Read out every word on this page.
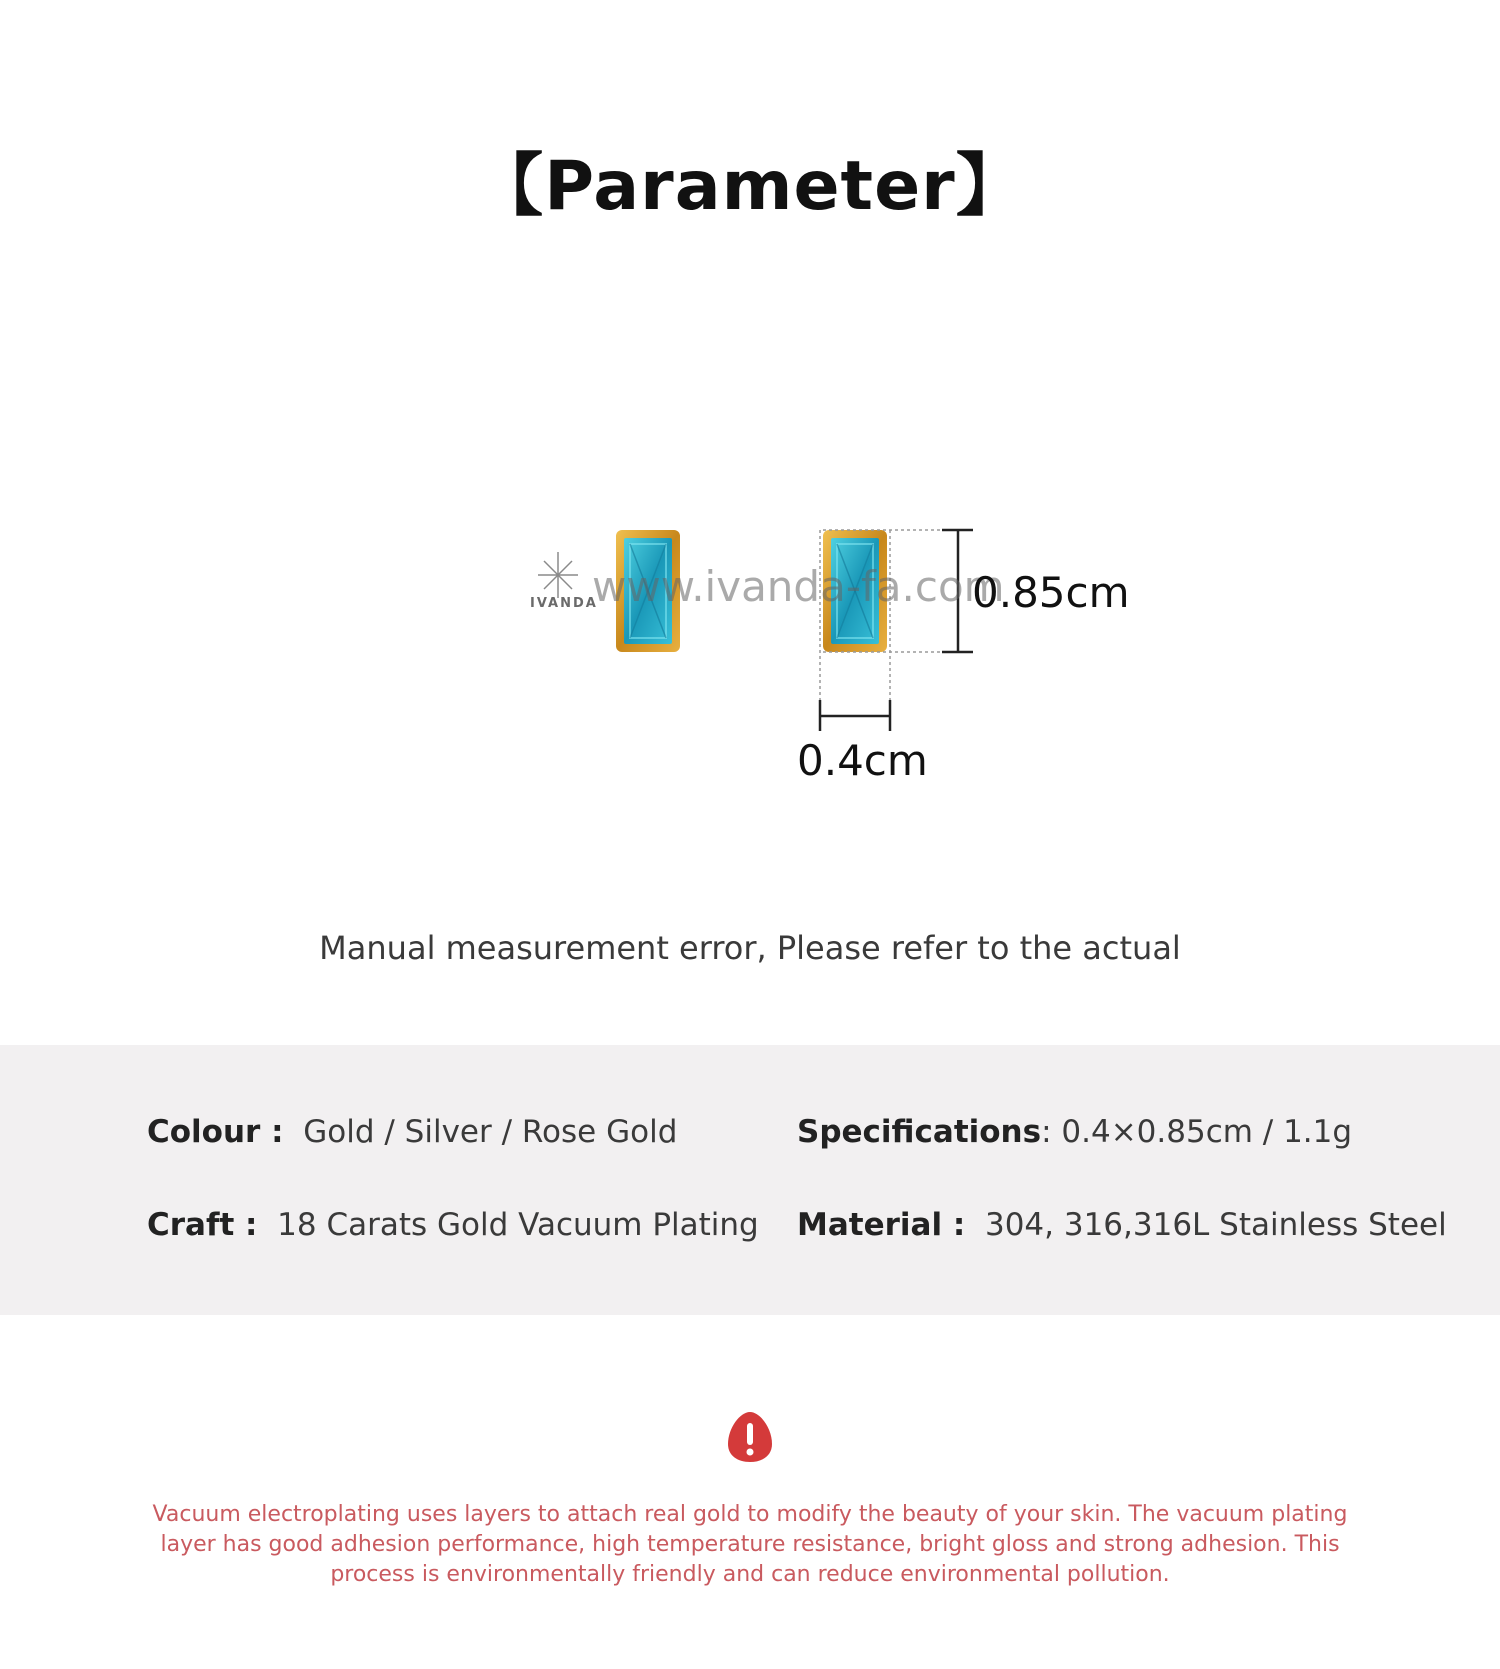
【Parameter】
IVANDA
www.ivanda-fa.com
0.85cm
0.4cm
Manual measurement error, Please refer to the actual
Colour : Gold / Silver / Rose Gold	Specifications: 0.4×0.85cm / 1.1g
Craft : 18 Carats Gold Vacuum Plating Material : 304, 316,316L Stainless Steel
Vacuum electroplating uses layers to attach real gold to modify the beauty of your skin. The vacuum plating layer has good adhesion performance, high temperature resistance, bright gloss and strong adhesion. This process is environmentally friendly and can reduce environmental pollution.
